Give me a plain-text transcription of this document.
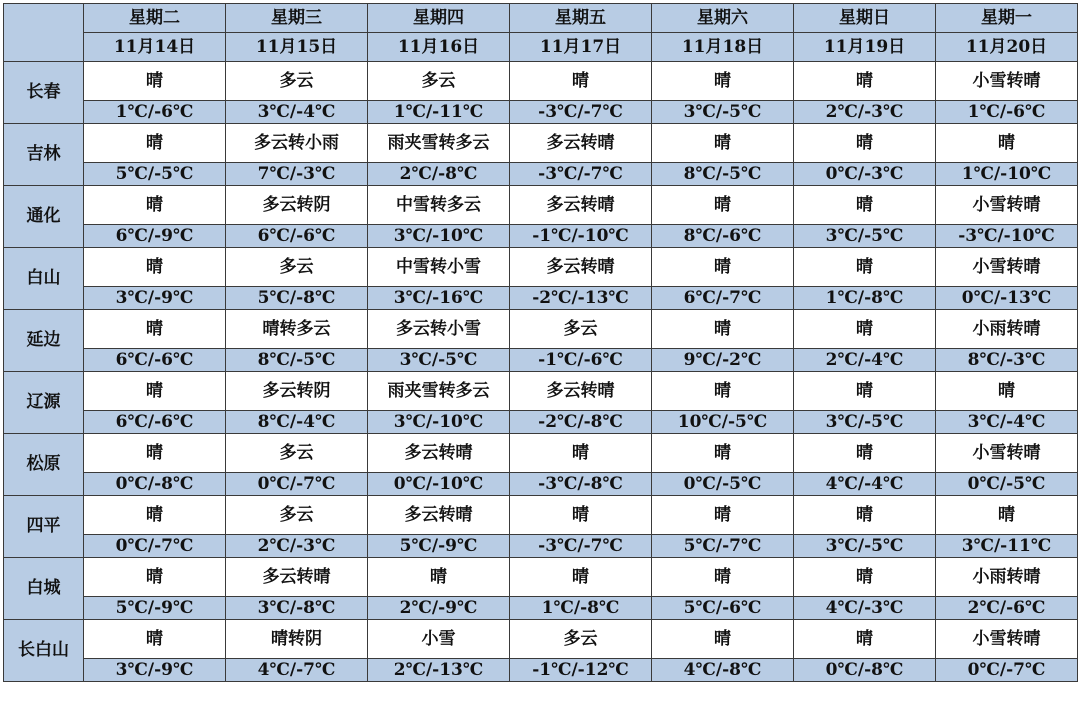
	星期二	星期三	星期四	星期五	星期六	星期日	星期一
	11月14日	11月15日	11月16日	11月17日	11月18日	11月19日	11月20日
长春	晴	多云	多云	晴	晴	晴	小雪转晴
	1℃/-6℃	3℃/-4℃	1℃/-11℃	-3℃/-7℃	3℃/-5℃	2℃/-3℃	1℃/-6℃
吉林	晴	多云转小雨	雨夹雪转多云	多云转晴	晴	晴	晴
	5℃/-5℃	7℃/-3℃	2℃/-8℃	-3℃/-7℃	8℃/-5℃	0℃/-3℃	1℃/-10℃
通化	晴	多云转阴	中雪转多云	多云转晴	晴	晴	小雪转晴
	6℃/-9℃	6℃/-6℃	3℃/-10℃	-1℃/-10℃	8℃/-6℃	3℃/-5℃	-3℃/-10℃
白山	晴	多云	中雪转小雪	多云转晴	晴	晴	小雪转晴
	3℃/-9℃	5℃/-8℃	3℃/-16℃	-2℃/-13℃	6℃/-7℃	1℃/-8℃	0℃/-13℃
延边	晴	晴转多云	多云转小雪	多云	晴	晴	小雨转晴
	6℃/-6℃	8℃/-5℃	3℃/-5℃	-1℃/-6℃	9℃/-2℃	2℃/-4℃	8℃/-3℃
辽源	晴	多云转阴	雨夹雪转多云	多云转晴	晴	晴	晴
	6℃/-6℃	8℃/-4℃	3℃/-10℃	-2℃/-8℃	10℃/-5℃	3℃/-5℃	3℃/-4℃
松原	晴	多云	多云转晴	晴	晴	晴	小雪转晴
	0℃/-8℃	0℃/-7℃	0℃/-10℃	-3℃/-8℃	0℃/-5℃	4℃/-4℃	0℃/-5℃
四平	晴	多云	多云转晴	晴	晴	晴	晴
	0℃/-7℃	2℃/-3℃	5℃/-9℃	-3℃/-7℃	5℃/-7℃	3℃/-5℃	3℃/-11℃
白城	晴	多云转晴	晴	晴	晴	晴	小雨转晴
	5℃/-9℃	3℃/-8℃	2℃/-9℃	1℃/-8℃	5℃/-6℃	4℃/-3℃	2℃/-6℃
长白山	晴	晴转阴	小雪	多云	晴	晴	小雪转晴
	3℃/-9℃	4℃/-7℃	2℃/-13℃	-1℃/-12℃	4℃/-8℃	0℃/-8℃	0℃/-7℃
